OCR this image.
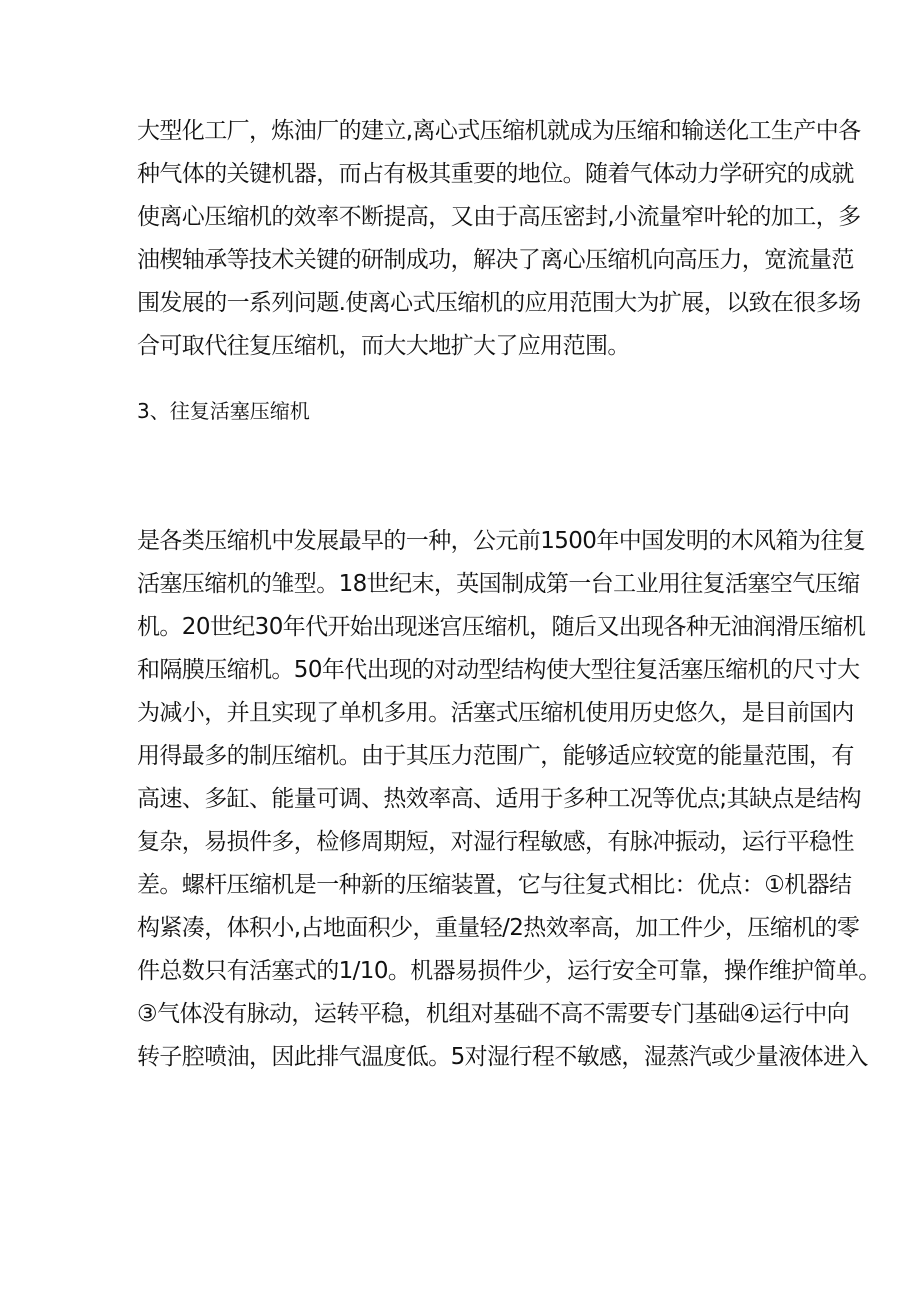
大型化工厂，炼油厂的建立,离心式压缩机就成为压缩和输送化工生产中各
种气体的关键机器，而占有极其重要的地位。随着气体动力学研究的成就
使离心压缩机的效率不断提高，又由于高压密封,小流量窄叶轮的加工，多
油楔轴承等技术关键的研制成功，解决了离心压缩机向高压力，宽流量范
围发展的一系列问题.使离心式压缩机的应用范围大为扩展，以致在很多场
合可取代往复压缩机，而大大地扩大了应用范围。
3、往复活塞压缩机
是各类压缩机中发展最早的一种，公元前1500年中国发明的木风箱为往复
活塞压缩机的雏型。18世纪末，英国制成第一台工业用往复活塞空气压缩
机。20世纪30年代开始出现迷宫压缩机，随后又出现各种无油润滑压缩机
和隔膜压缩机。50年代出现的对动型结构使大型往复活塞压缩机的尺寸大
为减小，并且实现了单机多用。活塞式压缩机使用历史悠久，是目前国内
用得最多的制压缩机。由于其压力范围广，能够适应较宽的能量范围，有
高速、多缸、能量可调、热效率高、适用于多种工况等优点;其缺点是结构
复杂，易损件多，检修周期短，对湿行程敏感，有脉冲振动，运行平稳性
差。螺杆压缩机是一种新的压缩装置，它与往复式相比：优点：①机器结
构紧凑，体积小,占地面积少，重量轻/2热效率高，加工件少，压缩机的零
件总数只有活塞式的1/10。机器易损件少，运行安全可靠，操作维护简单。
③气体没有脉动，运转平稳，机组对基础不高不需要专门基础④运行中向
转子腔喷油，因此排气温度低。5对湿行程不敏感，湿蒸汽或少量液体进入
